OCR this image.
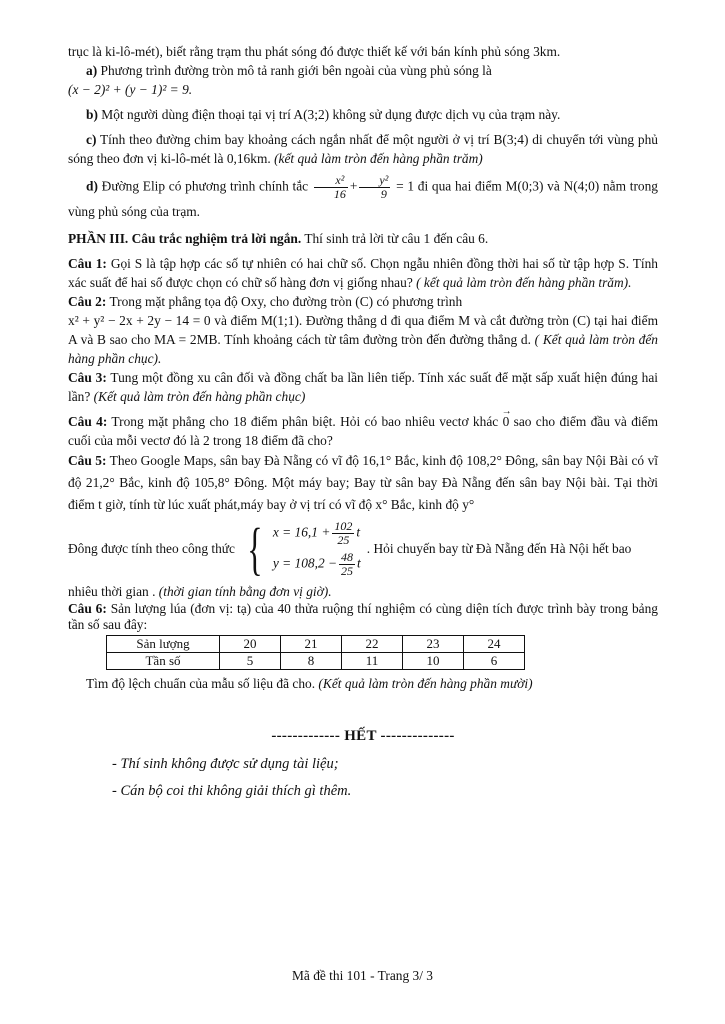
trục là ki-lô-mét), biết rằng trạm thu phát sóng đó được thiết kế với bán kính phủ sóng 3km.

a) Phương trình đường tròn mô tả ranh giới bên ngoài của vùng phủ sóng là

(x − 2)² + (y − 1)² = 9.

b) Một người dùng điện thoại tại vị trí A(3;2) không sử dụng được dịch vụ của trạm này.

c) Tính theo đường chim bay khoảng cách ngắn nhất để một người ở vị trí B(3;4) di chuyển tới vùng phủ sóng theo đơn vị ki-lô-mét là 0,16km. (kết quả làm tròn đến hàng phần trăm)

d) Đường Elip có phương trình chính tắc $\frac{\text{x²}}{16} + \frac{\text{y²}}{9} = 1$ đi qua hai điểm M(0;3) và N(4;0) nằm trong vùng phủ sóng của trạm.

PHẦN III. Câu trắc nghiệm trả lời ngắn. Thí sinh trả lời từ câu 1 đến câu 6.

Câu 1: Gọi S là tập hợp các số tự nhiên có hai chữ số. Chọn ngẫu nhiên đồng thời hai số từ tập hợp S. Tính xác suất để hai số được chọn có chữ số hàng đơn vị giống nhau? ( kết quả làm tròn đến hàng phần trăm).

Câu 2: Trong mặt phẳng tọa độ Oxy, cho đường tròn (C) có phương trình

x² + y² − 2x + 2y − 14 = 0 và điểm M(1;1). Đường thẳng d đi qua điểm M và cắt đường tròn (C) tại hai điểm A và B sao cho MA = 2MB. Tính khoảng cách từ tâm đường tròn đến đường thẳng d. ( Kết quả làm tròn đến hàng phần chục).

Câu 3: Tung một đồng xu cân đối và đồng chất ba lần liên tiếp. Tính xác suất để mặt sấp xuất hiện đúng hai lần? (Kết quả làm tròn đến hàng phần chục)

Câu 4: Trong mặt phẳng cho 18 điểm phân biệt. Hỏi có bao nhiêu vectơ khác → 0 sao cho điểm đầu và điểm cuối của mỗi vectơ đó là 2 trong 18 điểm đã cho?

Câu 5: Theo Google Maps, sân bay Đà Nẵng có vĩ độ 16,1° Bắc, kinh độ 108,2° Đông, sân bay Nội Bài có vĩ độ 21,2° Bắc, kinh độ 105,8° Đông. Một máy bay; Bay từ sân bay Đà Nẵng đến sân bay Nội bài. Tại thời điểm t giờ, tính từ lúc xuất phát,máy bay ở vị trí có vĩ độ x° Bắc, kinh độ y°

Đông được tính theo công thức { $x = 16,1 + \frac{102}{25}$ t
$y = 108,2 - \frac{48}{25}$ t
. Hỏi chuyến bay từ Đà Nẵng đến Hà Nội hết bao

nhiêu thời gian . (thời gian tính bằng đơn vị giờ).

Câu 6: Sản lượng lúa (đơn vị: tạ) của 40 thửa ruộng thí nghiệm có cùng diện tích được trình bày trong bảng tần số sau đây:

Sản lượng	20	21	22	23	24
Tần số	5	8	11	10	6

Tìm độ lệch chuẩn của mẫu số liệu đã cho. (Kết quả làm tròn đến hàng phần mười)

------------- HẾT --------------

- Thí sinh không được sử dụng tài liệu;

- Cán bộ coi thi không giải thích gì thêm.

Mã đề thi 101 - Trang 3/ 3
